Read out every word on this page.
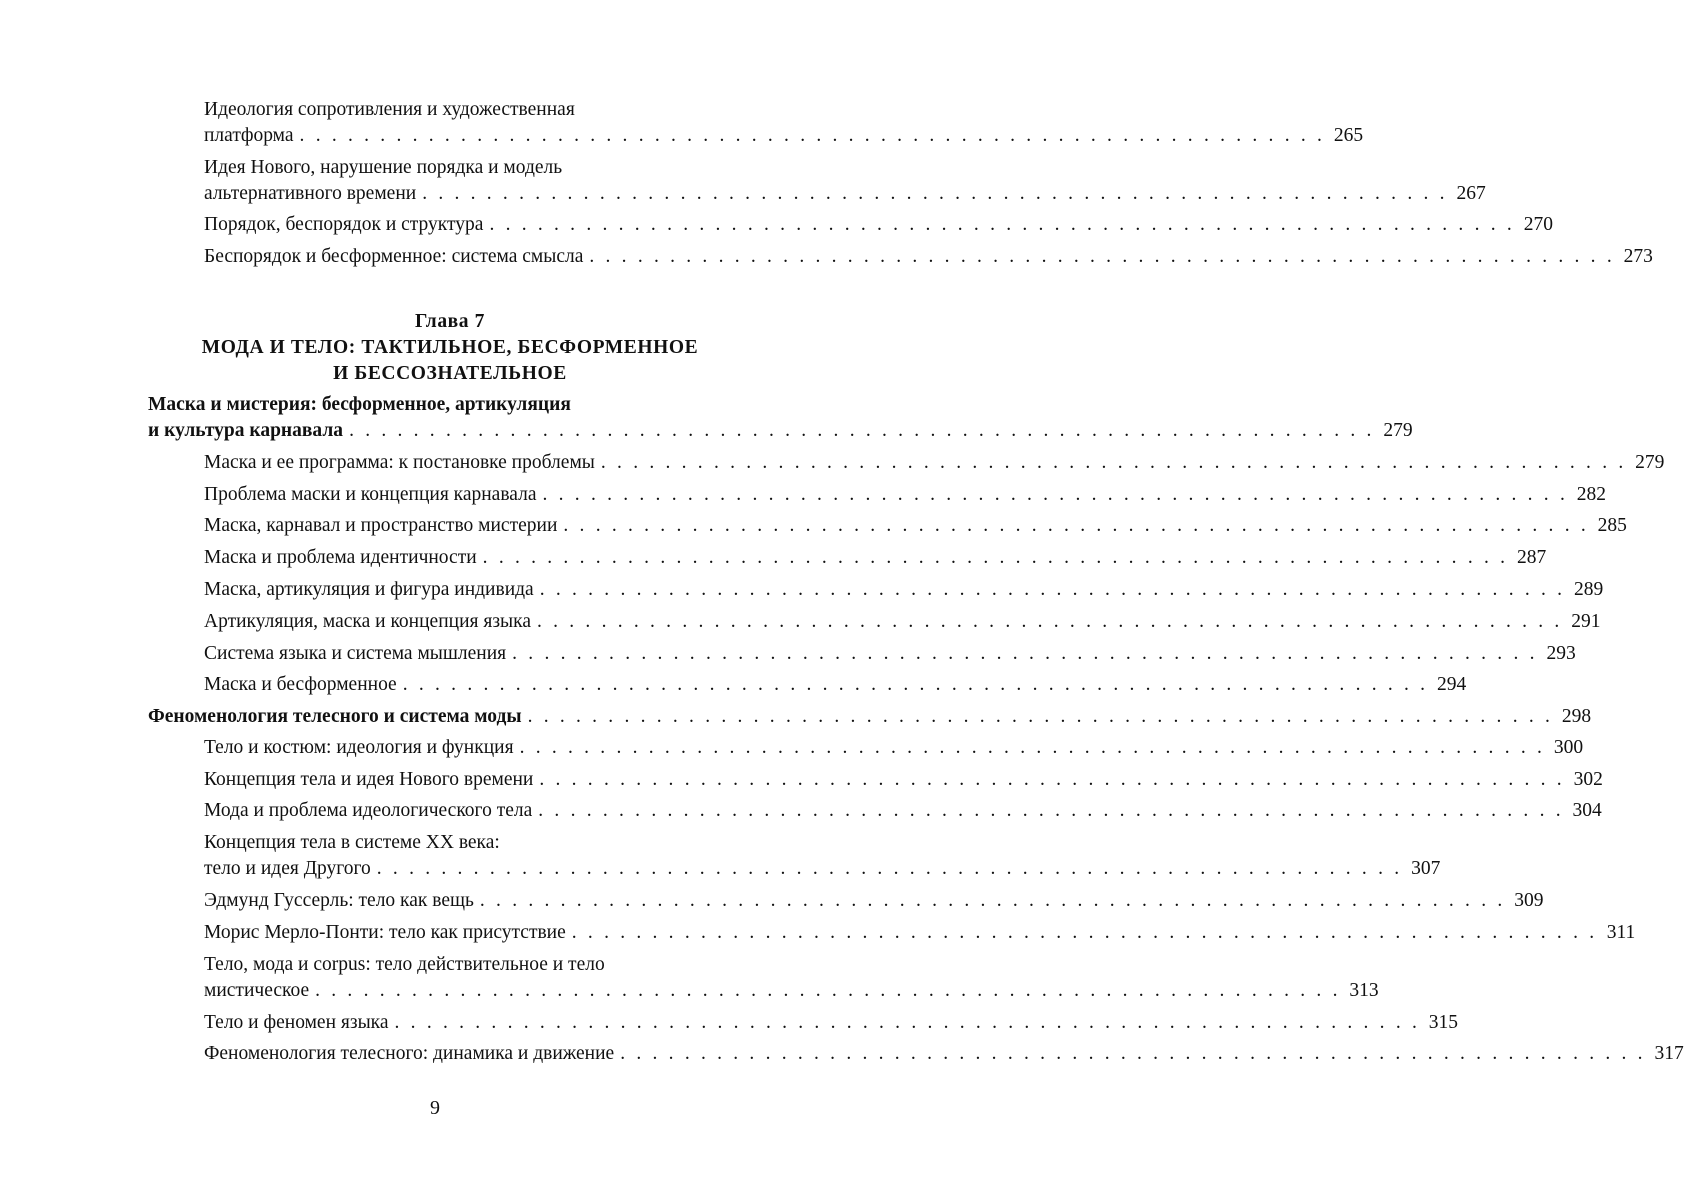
Идеология сопротивления и художественная
платформа . . . . . . . . . . . . . . . . . . . . . . . . . . . . . . . . . . . . . . . . . . . . . . . . . . . . . . . . . . . . . . . . 265
Идея Нового, нарушение порядка и модель
альтернативного времени . . . . . . . . . . . . . . . . . . . . . . . . . . . . . . . . . . . . . . . . . . . . . . . . . . . . . . . . . . . . . . . . 267
Порядок, беспорядок и структура . . . . . . . . . . . . . . . . . . . . . . . . . . . . . . . . . . . . . . . . . . . . . . . . . . . . . . . . . . . . . . . . 270
Беспорядок и бесформенное: система смысла . . . . . . . . . . . . . . . . . . . . . . . . . . . . . . . . . . . . . . . . . . . . . . . . . . . . . . . . . . . . . . . . 273
Глава 7
МОДА И ТЕЛО: ТАКТИЛЬНОЕ, БЕСФОРМЕННОЕ
И БЕССОЗНАТЕЛЬНОЕ
Маска и мистерия: бесформенное, артикуляция
и культура карнавала . . . . . . . . . . . . . . . . . . . . . . . . . . . . . . . . . . . . . . . . . . . . . . . . . . . . . . . . . . . . . . . . 279
Маска и ее программа: к постановке проблемы . . . . . . . . . . . . . . . . . . . . . . . . . . . . . . . . . . . . . . . . . . . . . . . . . . . . . . . . . . . . . . . . 279
Проблема маски и концепция карнавала . . . . . . . . . . . . . . . . . . . . . . . . . . . . . . . . . . . . . . . . . . . . . . . . . . . . . . . . . . . . . . . . 282
Маска, карнавал и пространство мистерии . . . . . . . . . . . . . . . . . . . . . . . . . . . . . . . . . . . . . . . . . . . . . . . . . . . . . . . . . . . . . . . . 285
Маска и проблема идентичности . . . . . . . . . . . . . . . . . . . . . . . . . . . . . . . . . . . . . . . . . . . . . . . . . . . . . . . . . . . . . . . . 287
Маска, артикуляция и фигура индивида . . . . . . . . . . . . . . . . . . . . . . . . . . . . . . . . . . . . . . . . . . . . . . . . . . . . . . . . . . . . . . . . 289
Артикуляция, маска и концепция языка . . . . . . . . . . . . . . . . . . . . . . . . . . . . . . . . . . . . . . . . . . . . . . . . . . . . . . . . . . . . . . . . 291
Система языка и система мышления . . . . . . . . . . . . . . . . . . . . . . . . . . . . . . . . . . . . . . . . . . . . . . . . . . . . . . . . . . . . . . . . 293
Маска и бесформенное . . . . . . . . . . . . . . . . . . . . . . . . . . . . . . . . . . . . . . . . . . . . . . . . . . . . . . . . . . . . . . . . 294
Феноменология телесного и система моды . . . . . . . . . . . . . . . . . . . . . . . . . . . . . . . . . . . . . . . . . . . . . . . . . . . . . . . . . . . . . . . . 298
Тело и костюм: идеология и функция . . . . . . . . . . . . . . . . . . . . . . . . . . . . . . . . . . . . . . . . . . . . . . . . . . . . . . . . . . . . . . . . 300
Концепция тела и идея Нового времени . . . . . . . . . . . . . . . . . . . . . . . . . . . . . . . . . . . . . . . . . . . . . . . . . . . . . . . . . . . . . . . . 302
Мода и проблема идеологического тела . . . . . . . . . . . . . . . . . . . . . . . . . . . . . . . . . . . . . . . . . . . . . . . . . . . . . . . . . . . . . . . . 304
Концепция тела в системе XX века:
тело и идея Другого . . . . . . . . . . . . . . . . . . . . . . . . . . . . . . . . . . . . . . . . . . . . . . . . . . . . . . . . . . . . . . . . 307
Эдмунд Гуссерль: тело как вещь . . . . . . . . . . . . . . . . . . . . . . . . . . . . . . . . . . . . . . . . . . . . . . . . . . . . . . . . . . . . . . . . 309
Морис Мерло-Понти: тело как присутствие . . . . . . . . . . . . . . . . . . . . . . . . . . . . . . . . . . . . . . . . . . . . . . . . . . . . . . . . . . . . . . . . 311
Тело, мода и corpus: тело действительное и тело
мистическое . . . . . . . . . . . . . . . . . . . . . . . . . . . . . . . . . . . . . . . . . . . . . . . . . . . . . . . . . . . . . . . . 313
Тело и феномен языка . . . . . . . . . . . . . . . . . . . . . . . . . . . . . . . . . . . . . . . . . . . . . . . . . . . . . . . . . . . . . . . . 315
Феноменология телесного: динамика и движение . . . . . . . . . . . . . . . . . . . . . . . . . . . . . . . . . . . . . . . . . . . . . . . . . . . . . . . . . . . . . . . . 317
9
